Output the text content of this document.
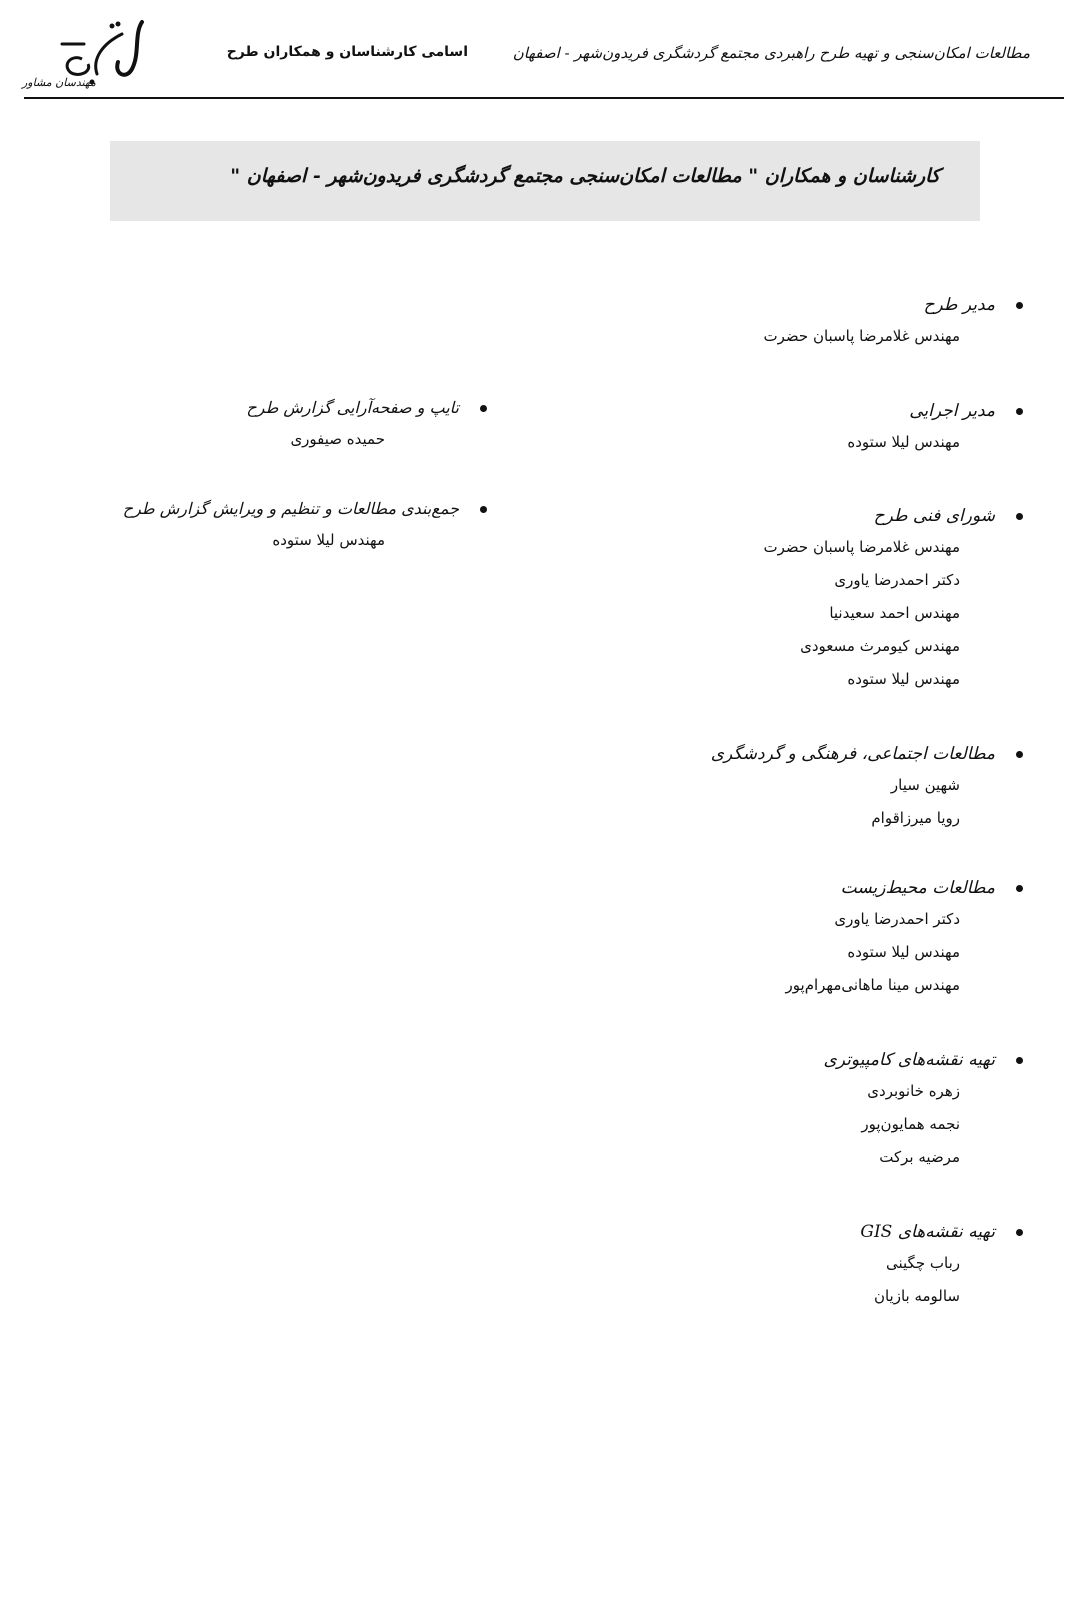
مطالعات امکان‌سنجی و تهیه طرح راهبردی مجتمع گردشگری فریدون‌شهر - اصفهان
اسامی کارشناسان و همکاران طرح
مهندسان مشاور
کارشناسان و همکاران " مطالعات امکان‌سنجی مجتمع گردشگری فریدون‌شهر - اصفهان "
مدیر طرح
مهندس غلامرضا پاسبان حضرت
مدیر اجرایی
مهندس لیلا ستوده
شورای فنی طرح
مهندس غلامرضا پاسبان حضرت
دکتر احمدرضا یاوری
مهندس احمد سعیدنیا
مهندس کیومرث مسعودی
مهندس لیلا ستوده
مطالعات اجتماعی، فرهنگی و گردشگری
شهین سیار
رویا میرزاقوام
مطالعات محیط‌زیست
دکتر احمدرضا یاوری
مهندس لیلا ستوده
مهندس مینا ماهانی‌مهرام‌پور
تهیه نقشه‌های کامپیوتری
زهره خانوبردی
نجمه همایون‌پور
مرضیه برکت
تهیه نقشه‌های GIS
رباب چگینی
سالومه بازیان
تایپ و صفحه‌آرایی گزارش طرح
حمیده صیفوری
جمع‌بندی مطالعات و تنظیم و ویرایش گزارش طرح
مهندس لیلا ستوده
